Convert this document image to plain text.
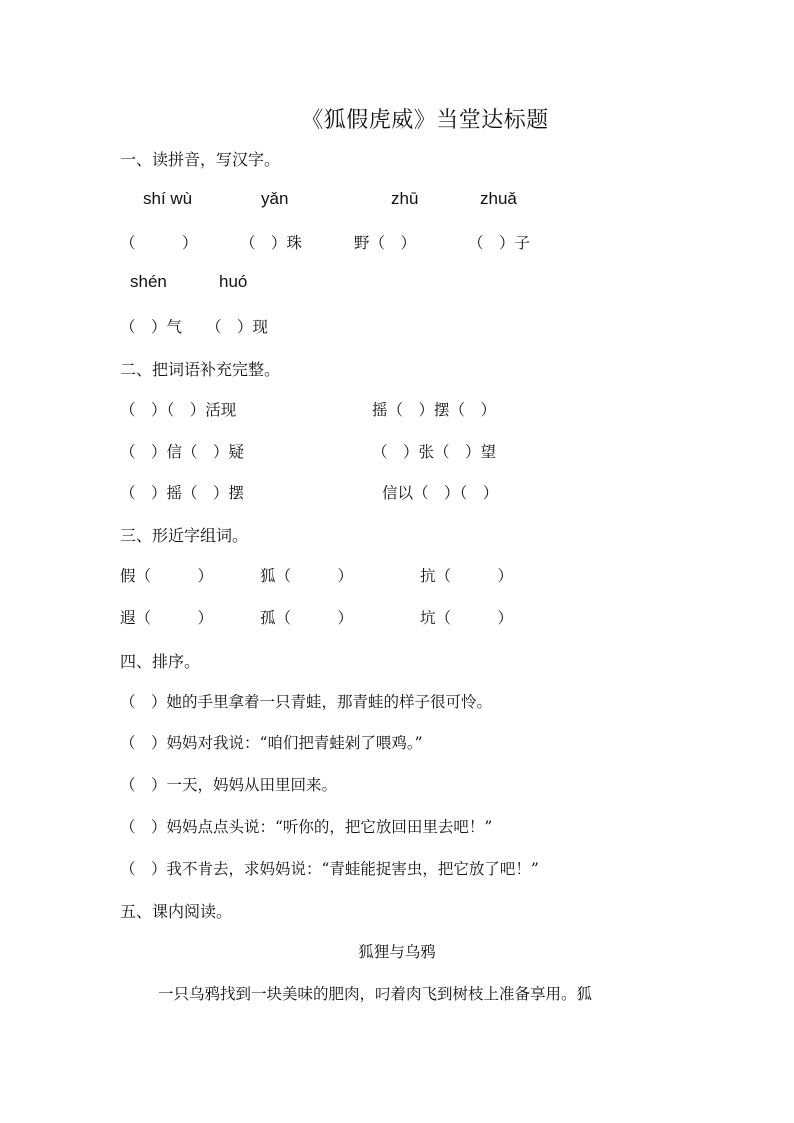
《狐假虎威》当堂达标题
一、读拼音，写汉字。
shí wù	yǎn	zhū	zhuǎ
（　　　）	（　）珠	野（　）	（　）子
shén	huó
（　）气 （　）现
二、把词语补充完整。
（　）（　）活现
（　）信（　）疑
（　）摇（　）摆
摇（　）摆（　）
（　）张（　）望
信以（　）（　）
三、形近字组词。
假（　　　）	狐（　　　）	抗（　　　）
遐（　　　）	孤（　　　）	坑（　　　）
四、排序。
（　）她的手里拿着一只青蛙，那青蛙的样子很可怜。
（　）妈妈对我说：“咱们把青蛙剁了喂鸡。”
（　）一天，妈妈从田里回来。
（　）妈妈点点头说：“听你的，把它放回田里去吧！”
（　）我不肯去，求妈妈说：“青蛙能捉害虫，把它放了吧！”
五、课内阅读。
狐狸与乌鸦
一只乌鸦找到一块美味的肥肉，叼着肉飞到树枝上准备享用。狐
